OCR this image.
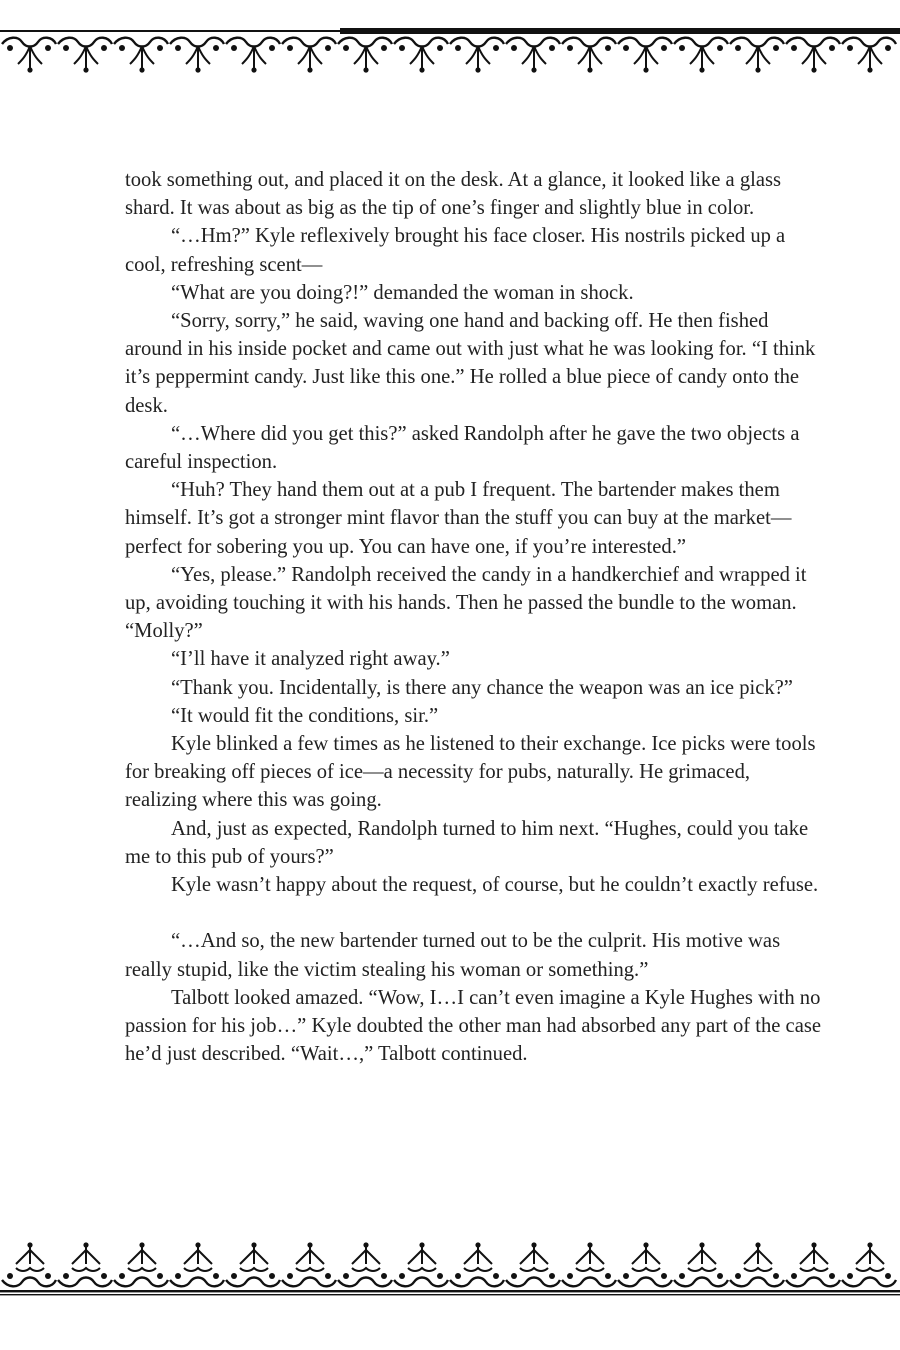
took something out, and placed it on the desk. At a glance, it looked like a glass shard. It was about as big as the tip of one’s finger and slightly blue in color.

“…Hm?” Kyle reflexively brought his face closer. His nostrils picked up a cool, refreshing scent—

“What are you doing?!” demanded the woman in shock.

“Sorry, sorry,” he said, waving one hand and backing off. He then fished around in his inside pocket and came out with just what he was looking for. “I think it’s peppermint candy. Just like this one.” He rolled a blue piece of candy onto the desk.

“…Where did you get this?” asked Randolph after he gave the two objects a careful inspection.

“Huh? They hand them out at a pub I frequent. The bartender makes them himself. It’s got a stronger mint flavor than the stuff you can buy at the market—perfect for sobering you up. You can have one, if you’re interested.”

“Yes, please.” Randolph received the candy in a handkerchief and wrapped it up, avoiding touching it with his hands. Then he passed the bundle to the woman. “Molly?”

“I’ll have it analyzed right away.”

“Thank you. Incidentally, is there any chance the weapon was an ice pick?”

“It would fit the conditions, sir.”

Kyle blinked a few times as he listened to their exchange. Ice picks were tools for breaking off pieces of ice—a necessity for pubs, naturally. He grimaced, realizing where this was going.

And, just as expected, Randolph turned to him next. “Hughes, could you take me to this pub of yours?”

Kyle wasn’t happy about the request, of course, but he couldn’t exactly refuse.

“…And so, the new bartender turned out to be the culprit. His motive was really stupid, like the victim stealing his woman or something.”

Talbott looked amazed. “Wow, I…I can’t even imagine a Kyle Hughes with no passion for his job…” Kyle doubted the other man had absorbed any part of the case he’d just described. “Wait…,” Talbott continued.
